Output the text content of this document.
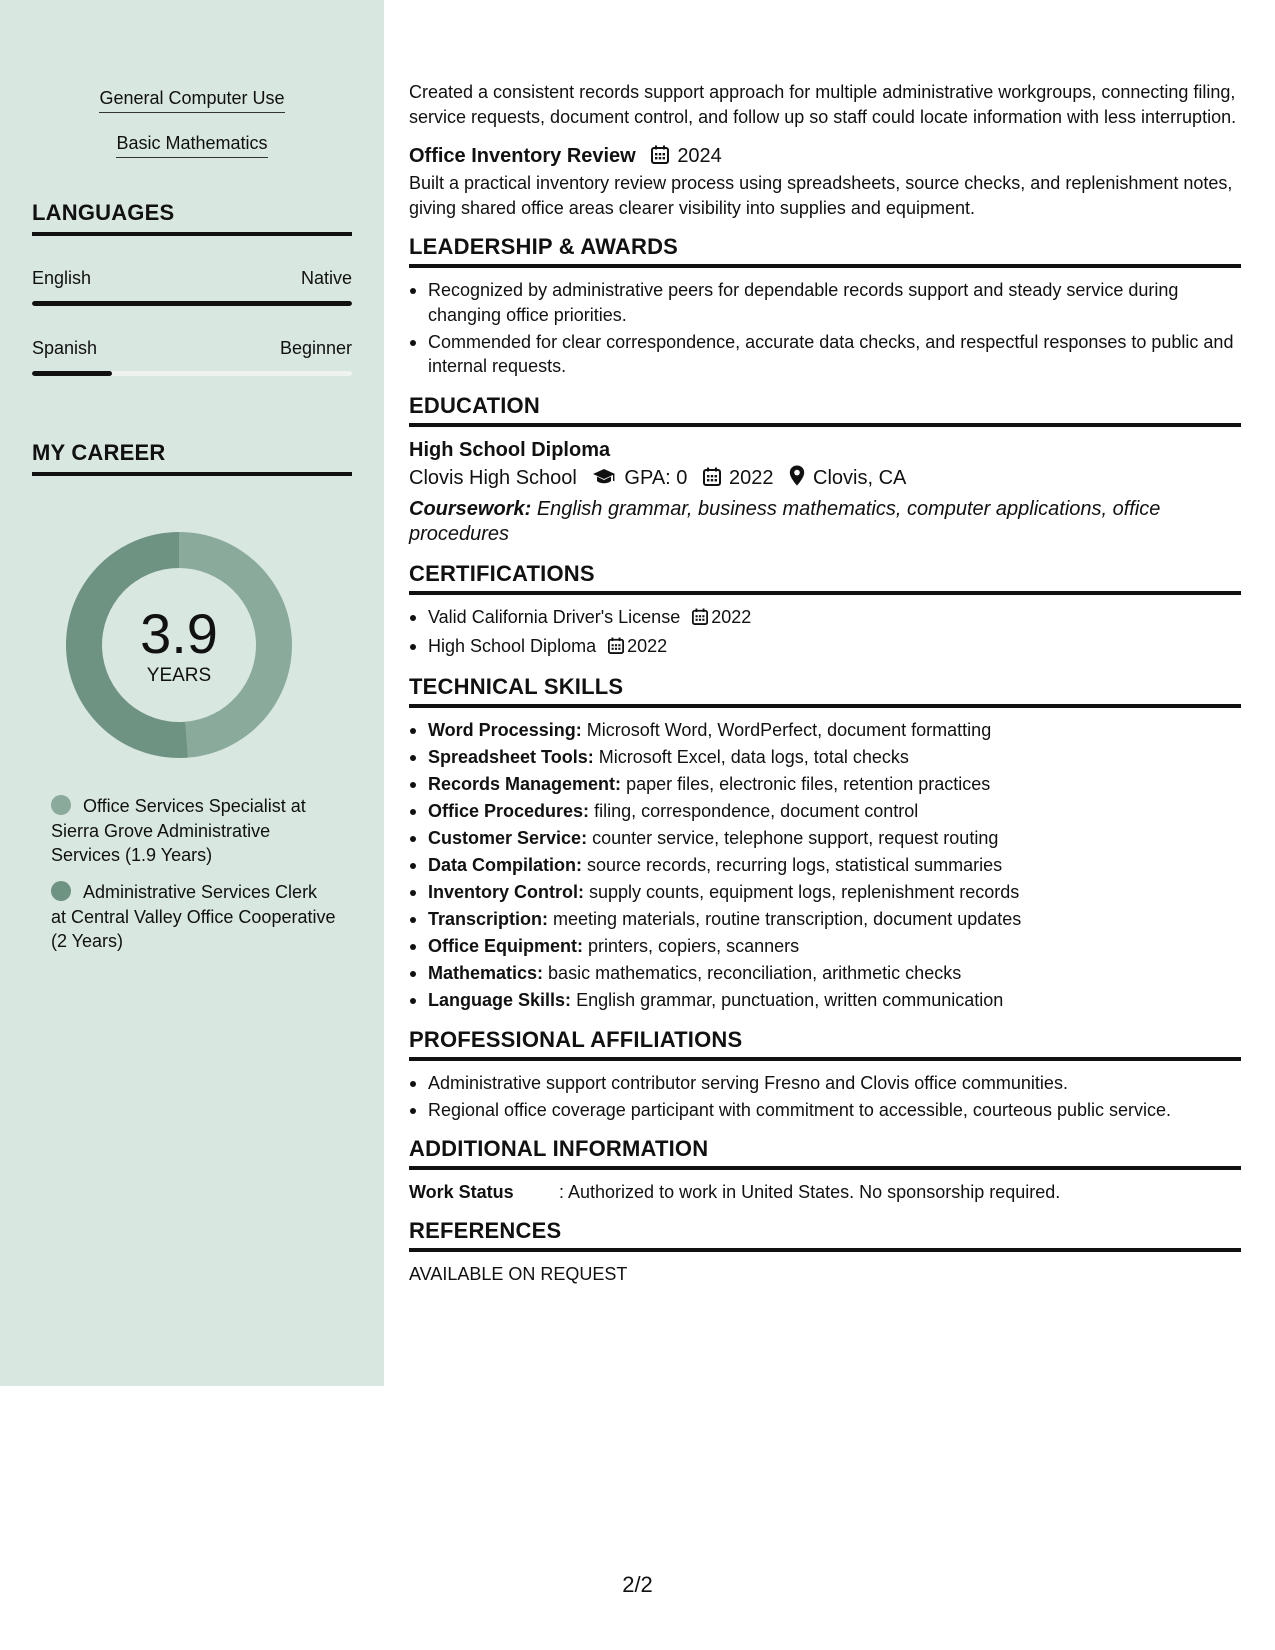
General Computer Use
Basic Mathematics
LANGUAGES
English	Native
Spanish	Beginner
MY CAREER
3.9
YEARS
Office Services Specialist at Sierra Grove Administrative Services (1.9 Years)
Administrative Services Clerk at Central Valley Office Cooperative (2 Years)

Created a consistent records support approach for multiple administrative workgroups, connecting filing, service requests, document control, and follow up so staff could locate information with less interruption.

Office Inventory Review 2024

Built a practical inventory review process using spreadsheets, source checks, and replenishment notes, giving shared office areas clearer visibility into supplies and equipment.

LEADERSHIP & AWARDS
Recognized by administrative peers for dependable records support and steady service during changing office priorities.
Commended for clear correspondence, accurate data checks, and respectful responses to public and internal requests.
EDUCATION
High School Diploma
Clovis High School GPA: 0 2022 Clovis, CA
Coursework: English grammar, business mathematics, computer applications, office procedures
CERTIFICATIONS
Valid California Driver's License 2022
High School Diploma 2022
TECHNICAL SKILLS
Word Processing: Microsoft Word, WordPerfect, document formatting
Spreadsheet Tools: Microsoft Excel, data logs, total checks
Records Management: paper files, electronic files, retention practices
Office Procedures: filing, correspondence, document control
Customer Service: counter service, telephone support, request routing
Data Compilation: source records, recurring logs, statistical summaries
Inventory Control: supply counts, equipment logs, replenishment records
Transcription: meeting materials, routine transcription, document updates
Office Equipment: printers, copiers, scanners
Mathematics: basic mathematics, reconciliation, arithmetic checks
Language Skills: English grammar, punctuation, written communication
PROFESSIONAL AFFILIATIONS
Administrative support contributor serving Fresno and Clovis office communities.
Regional office coverage participant with commitment to accessible, courteous public service.
ADDITIONAL INFORMATION
Work Status	: Authorized to work in United States. No sponsorship required.
REFERENCES
AVAILABLE ON REQUEST
2/2
